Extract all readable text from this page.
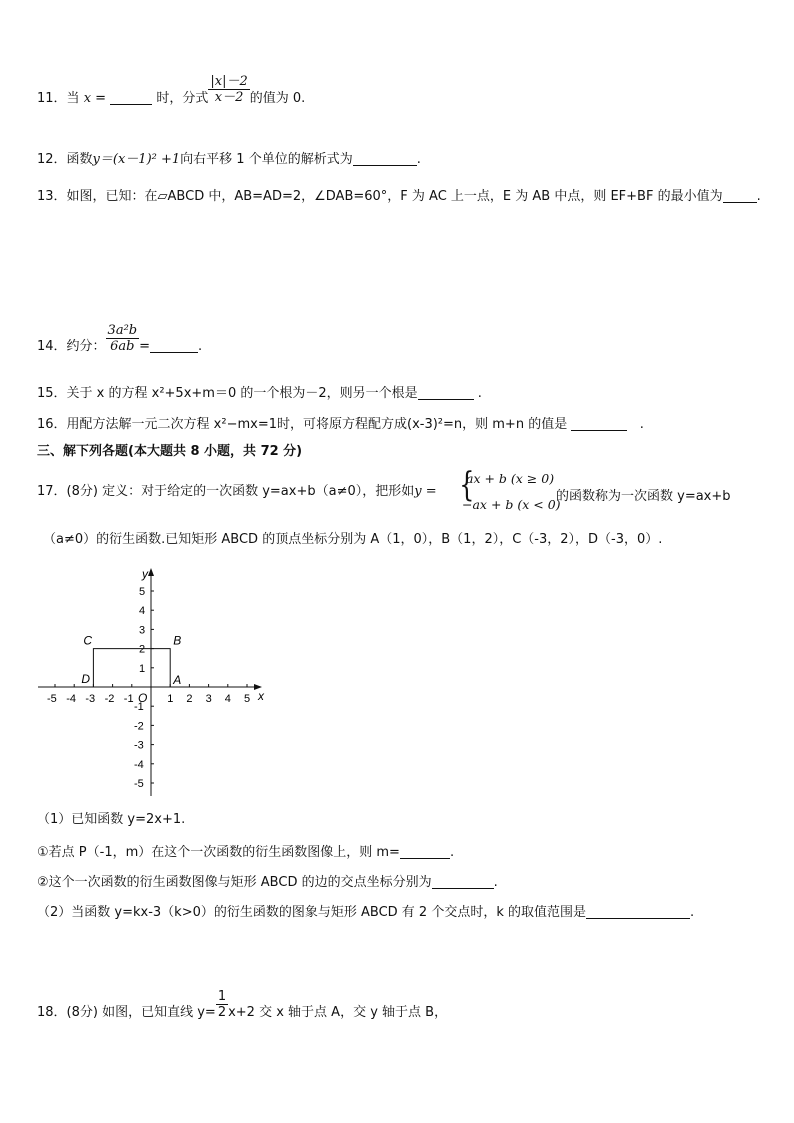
11．当 x =	时，分式 $\frac{|x|-2}{x-2}$ 的值为 0.
12．函数y＝(x－1)² +1向右平移 1 个单位的解析式为	.
13．如图，已知：在▱ABCD 中，AB=AD=2，∠DAB=60°，F 为 AC 上一点，E 为 AB 中点，则 EF+BF 的最小值为	.
14．约分： $\frac{\text{3a²b}}{6ab}$ =	.
15．关于 x 的方程 x²+5x+m＝0 的一个根为－2，则另一个根是	.
16．用配方法解一元二次方程 x²−mx=1时，可将原方程配方成(x-3)²=n，则 m+n 的值是	.
三、解下列各题(本大题共 8 小题，共 72 分)
17．(8分) 定义：对于给定的一次函数 y=ax+b（a≠0），把形如y = {
ax + b (x ≥ 0)
−ax + b (x < 0)
的函数称为一次函数 y=ax+b
（a≠0）的衍生函数.已知矩形 ABCD 的顶点坐标分别为 A（1，0），B（1，2），C（-3，2），D（-3，0）.
x
y
O
-5 -4 -3 -2 -1	1 2 3 4 5
5
4
3
2
1
-1
-2
-3
-4
-5
A
B
C
D
（1）已知函数 y=2x+1.
①若点 P（-1，m）在这个一次函数的衍生函数图像上，则 m=	.
②这个一次函数的衍生函数图像与矩形 ABCD 的边的交点坐标分别为	.
（2）当函数 y=kx-3（k>0）的衍生函数的图象与矩形 ABCD 有 2 个交点时，k 的取值范围是	.
18．(8分) 如图，已知直线 $y= \frac{1}{2} x+2$ 交 x 轴于点 A，交 y 轴于点 B，
